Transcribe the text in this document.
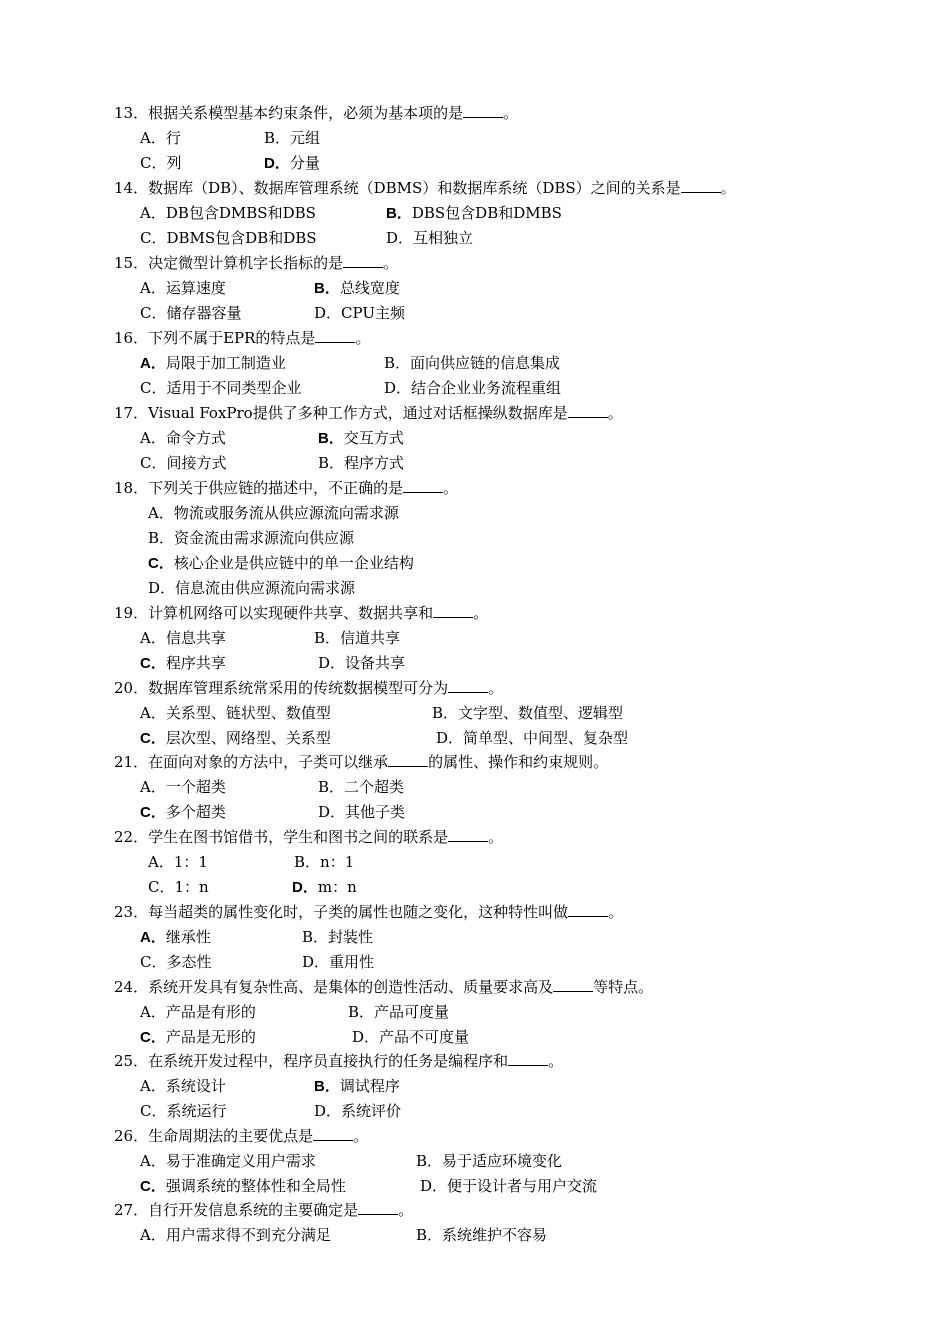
13．根据关系模型基本约束条件，必须为基本项的是	。
A．行	B．元组
C．列	D．分量
14．数据库（DB）、数据库管理系统（DBMS）和数据库系统（DBS）之间的关系是	。
A．DB包含DMBS和DBS	B．DBS包含DB和DMBS
C．DBMS包含DB和DBS	D．互相独立
15．决定微型计算机字长指标的是	。
A．运算速度	B．总线宽度
C．储存器容量	D．CPU主频
16．下列不属于EPR的特点是	。
A．局限于加工制造业	B．面向供应链的信息集成
C．适用于不同类型企业	D．结合企业业务流程重组
17．Visual FoxPro提供了多种工作方式，通过对话框操纵数据库是	。
A．命令方式	B．交互方式
C．间接方式	B．程序方式
18．下列关于供应链的描述中，不正确的是	。
A．物流或服务流从供应源流向需求源
B．资金流由需求源流向供应源
C．核心企业是供应链中的单一企业结构
D．信息流由供应源流向需求源
19．计算机网络可以实现硬件共享、数据共享和	。
A．信息共享	B．信道共享
C．程序共享	D．设备共享
20．数据库管理系统常采用的传统数据模型可分为	。
A．关系型、链状型、数值型	B．文字型、数值型、逻辑型
C．层次型、网络型、关系型	D．简单型、中间型、复杂型
21．在面向对象的方法中，子类可以继承	的属性、操作和约束规则。
A．一个超类	B．二个超类
C．多个超类	D．其他子类
22．学生在图书馆借书，学生和图书之间的联系是	。
A．1：1	B．n：1
C．1：n	D．m：n
23．每当超类的属性变化时，子类的属性也随之变化，这种特性叫做	。
A．继承性	B．封装性
C．多态性	D．重用性
24．系统开发具有复杂性高、是集体的创造性活动、质量要求高及	等特点。
A．产品是有形的	B．产品可度量
C．产品是无形的	D．产品不可度量
25．在系统开发过程中，程序员直接执行的任务是编程序和	。
A．系统设计	B．调试程序
C．系统运行	D．系统评价
26．生命周期法的主要优点是	。
A．易于准确定义用户需求	B．易于适应环境变化
C．强调系统的整体性和全局性	D．便于设计者与用户交流
27．自行开发信息系统的主要确定是	。
A．用户需求得不到充分满足	B．系统维护不容易
